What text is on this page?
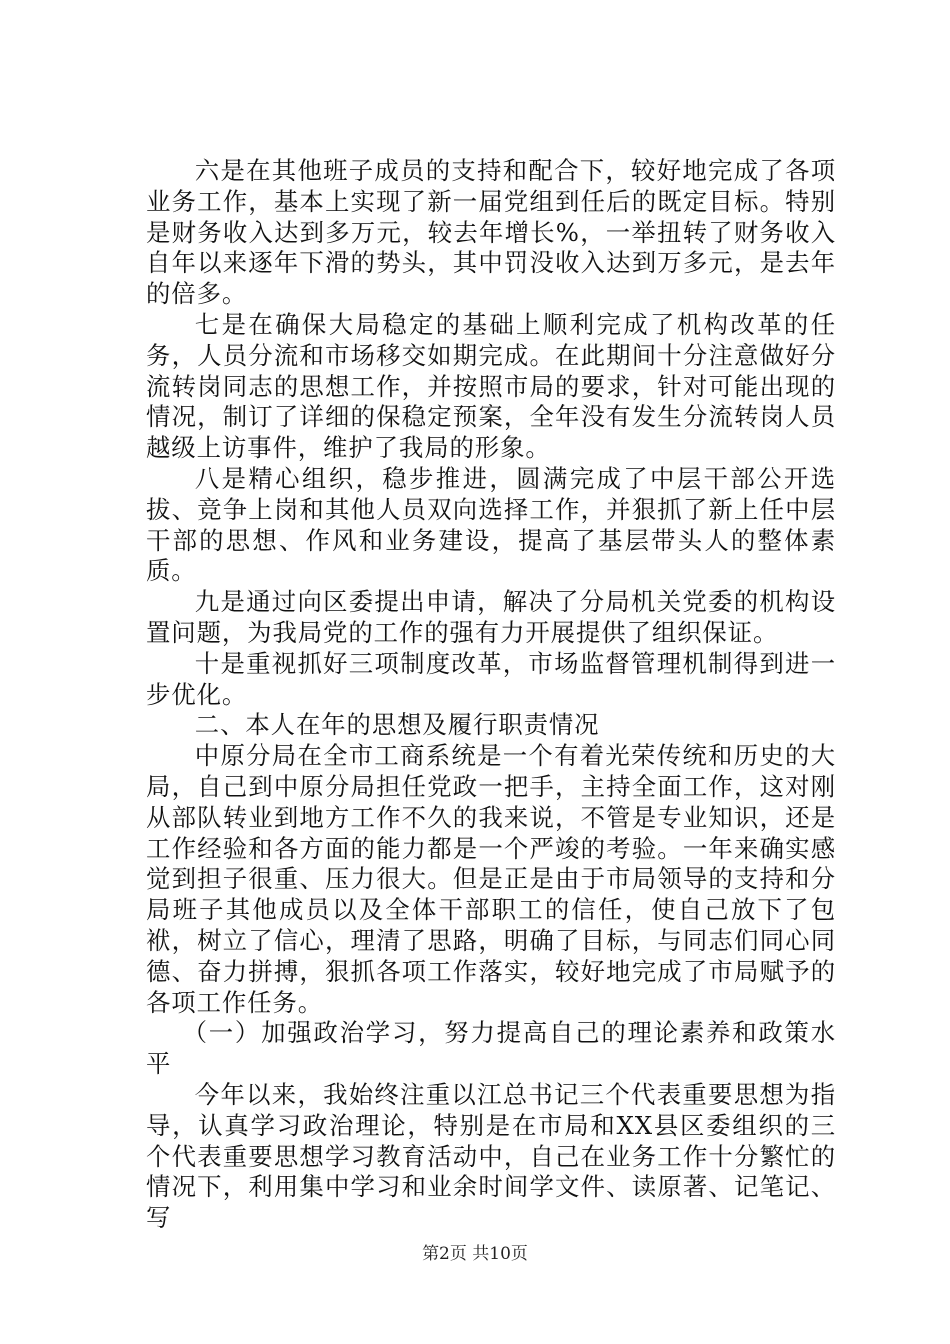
六是在其他班子成员的支持和配合下，较好地完成了各项业务工作，基本上实现了新一届党组到任后的既定目标。特别是财务收入达到多万元，较去年增长%，一举扭转了财务收入自年以来逐年下滑的势头，其中罚没收入达到万多元，是去年的倍多。

七是在确保大局稳定的基础上顺利完成了机构改革的任务，人员分流和市场移交如期完成。在此期间十分注意做好分流转岗同志的思想工作，并按照市局的要求，针对可能出现的情况，制订了详细的保稳定预案，全年没有发生分流转岗人员越级上访事件，维护了我局的形象。

八是精心组织，稳步推进，圆满完成了中层干部公开选拔、竞争上岗和其他人员双向选择工作，并狠抓了新上任中层干部的思想、作风和业务建设，提高了基层带头人的整体素质。

九是通过向区委提出申请，解决了分局机关党委的机构设置问题，为我局党的工作的强有力开展提供了组织保证。

十是重视抓好三项制度改革，市场监督管理机制得到进一步优化。

二、本人在年的思想及履行职责情况

中原分局在全市工商系统是一个有着光荣传统和历史的大局，自己到中原分局担任党政一把手，主持全面工作，这对刚从部队转业到地方工作不久的我来说，不管是专业知识，还是工作经验和各方面的能力都是一个严竣的考验。一年来确实感觉到担子很重、压力很大。但是正是由于市局领导的支持和分局班子其他成员以及全体干部职工的信任，使自己放下了包袱，树立了信心，理清了思路，明确了目标，与同志们同心同德、奋力拼搏，狠抓各项工作落实，较好地完成了市局赋予的各项工作任务。

（一）加强政治学习，努力提高自己的理论素养和政策水平

今年以来，我始终注重以江总书记三个代表重要思想为指导，认真学习政治理论，特别是在市局和XX县区委组织的三个代表重要思想学习教育活动中，自己在业务工作十分繁忙的情况下，利用集中学习和业余时间学文件、读原著、记笔记、写

第2页 共10页
